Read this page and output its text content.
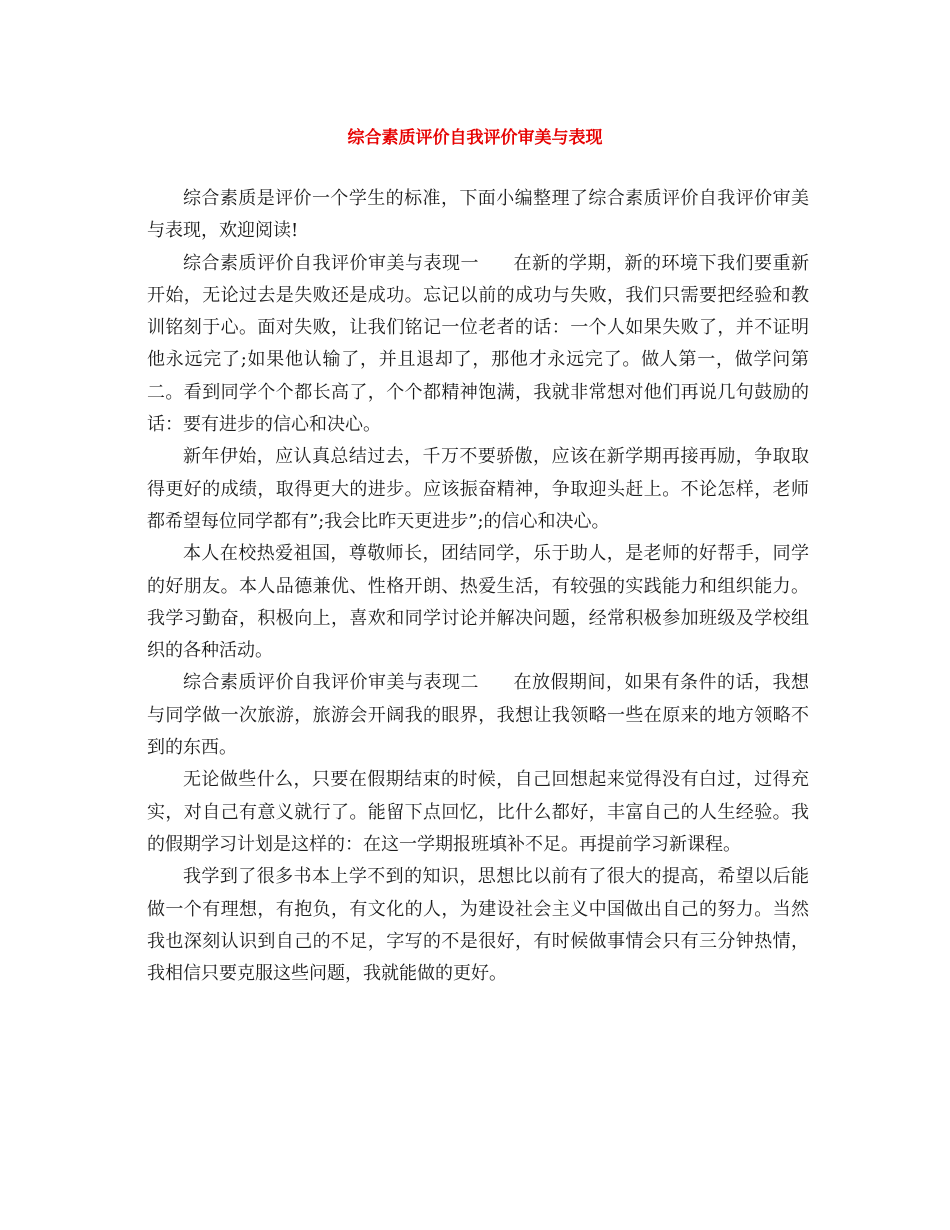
综合素质评价自我评价审美与表现

综合素质是评价一个学生的标准，下面小编整理了综合素质评价自我评价审美与表现，欢迎阅读!

综合素质评价自我评价审美与表现一 在新的学期，新的环境下我们要重新开始，无论过去是失败还是成功。忘记以前的成功与失败，我们只需要把经验和教训铭刻于心。面对失败，让我们铭记一位老者的话：一个人如果失败了，并不证明他永远完了;如果他认输了，并且退却了，那他才永远完了。做人第一，做学问第二。看到同学个个都长高了，个个都精神饱满，我就非常想对他们再说几句鼓励的话：要有进步的信心和决心。

新年伊始，应认真总结过去，千万不要骄傲，应该在新学期再接再励，争取取得更好的成绩，取得更大的进步。应该振奋精神，争取迎头赶上。不论怎样，老师都希望每位同学都有”;我会比昨天更进步”;的信心和决心。

本人在校热爱祖国，尊敬师长，团结同学，乐于助人，是老师的好帮手，同学的好朋友。本人品德兼优、性格开朗、热爱生活，有较强的实践能力和组织能力。我学习勤奋，积极向上，喜欢和同学讨论并解决问题，经常积极参加班级及学校组织的各种活动。

综合素质评价自我评价审美与表现二 在放假期间，如果有条件的话，我想与同学做一次旅游，旅游会开阔我的眼界，我想让我领略一些在原来的地方领略不到的东西。

无论做些什么，只要在假期结束的时候，自己回想起来觉得没有白过，过得充实，对自己有意义就行了。能留下点回忆，比什么都好，丰富自己的人生经验。我的假期学习计划是这样的：在这一学期报班填补不足。再提前学习新课程。

我学到了很多书本上学不到的知识，思想比以前有了很大的提高，希望以后能做一个有理想，有抱负，有文化的人，为建设社会主义中国做出自己的努力。当然我也深刻认识到自己的不足，字写的不是很好，有时候做事情会只有三分钟热情，我相信只要克服这些问题，我就能做的更好。
